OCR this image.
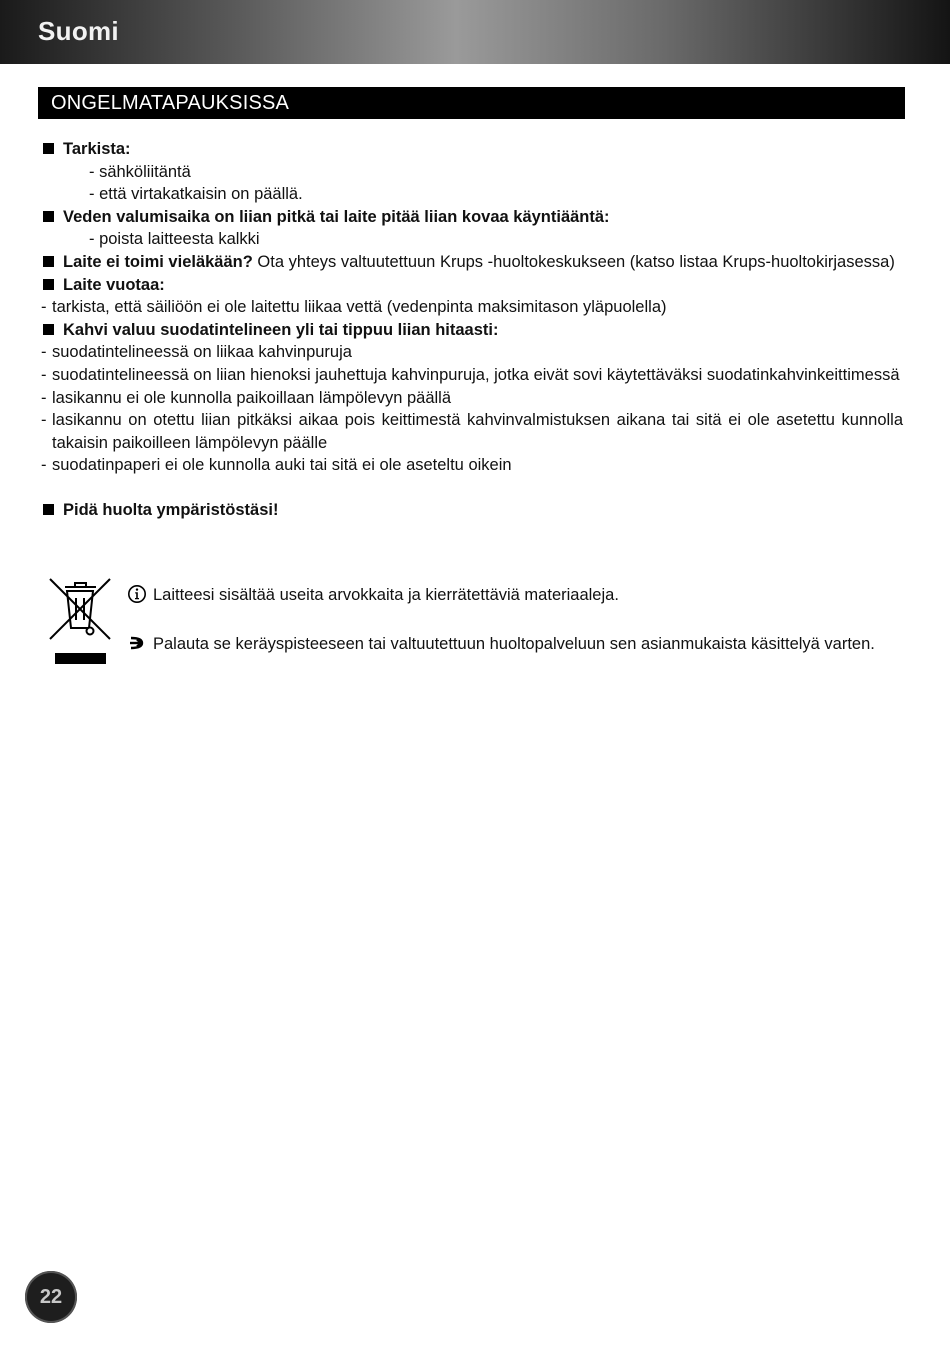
Suomi
ONGELMATAPAUKSISSA
Tarkista:
- sähköliitäntä
- että virtakatkaisin on päällä.
Veden valumisaika on liian pitkä tai laite pitää liian kovaa käyntiääntä:
- poista laitteesta kalkki
Laite ei toimi vieläkään? Ota yhteys valtuutettuun Krups -huoltokeskukseen (katso listaa Krups-huoltokirjasessa)
Laite vuotaa:
- tarkista, että säiliöön ei ole laitettu liikaa vettä (vedenpinta maksimitason yläpuolella)
Kahvi valuu suodatintelineen yli tai tippuu liian hitaasti:
- suodatintelineessä on liikaa kahvinpuruja
- suodatintelineessä on liian hienoksi jauhettuja kahvinpuruja, jotka eivät sovi käytettäväksi suodatinkahvinkeittimessä
- lasikannu ei ole kunnolla paikoillaan lämpölevyn päällä
- lasikannu on otettu liian pitkäksi aikaa pois keittimestä kahvinvalmistuksen aikana tai sitä ei ole asetettu kunnolla takaisin paikoilleen lämpölevyn päälle
- suodatinpaperi ei ole kunnolla auki tai sitä ei ole aseteltu oikein
Pidä huolta ympäristöstäsi!
Laitteesi sisältää useita arvokkaita ja kierrätettäviä materiaaleja.
Palauta se keräyspisteeseen tai valtuutettuun huoltopalveluun sen asianmukaista käsittelyä varten.
22
